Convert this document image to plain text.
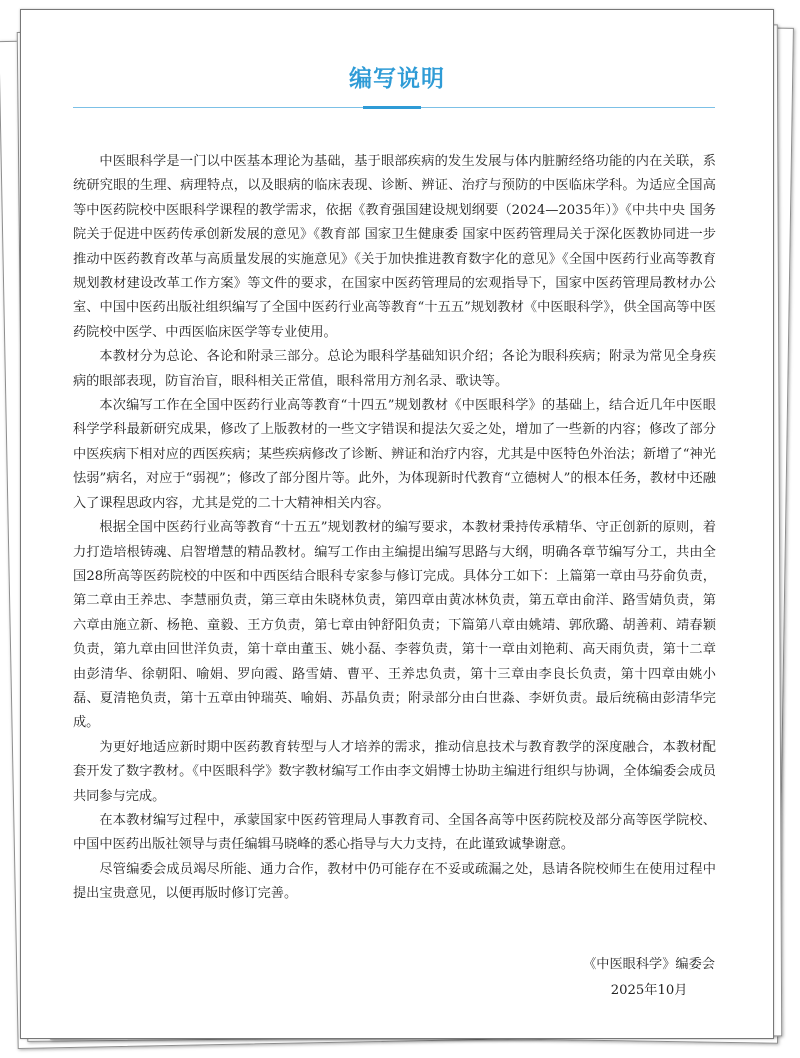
编写说明

中医眼科学是一门以中医基本理论为基础，基于眼部疾病的发生发展与体内脏腑经络功能的内在关联，系统研究眼的生理、病理特点，以及眼病的临床表现、诊断、辨证、治疗与预防的中医临床学科。为适应全国高等中医药院校中医眼科学课程的教学需求，依据《教育强国建设规划纲要（2024—2035年）》《中共中央 国务院关于促进中医药传承创新发展的意见》《教育部 国家卫生健康委 国家中医药管理局关于深化医教协同进一步推动中医药教育改革与高质量发展的实施意见》《关于加快推进教育数字化的意见》《全国中医药行业高等教育规划教材建设改革工作方案》等文件的要求，在国家中医药管理局的宏观指导下，国家中医药管理局教材办公室、中国中医药出版社组织编写了全国中医药行业高等教育“十五五”规划教材《中医眼科学》，供全国高等中医药院校中医学、中西医临床医学等专业使用。

本教材分为总论、各论和附录三部分。总论为眼科学基础知识介绍；各论为眼科疾病；附录为常见全身疾病的眼部表现，防盲治盲，眼科相关正常值，眼科常用方剂名录、歌诀等。

本次编写工作在全国中医药行业高等教育“十四五”规划教材《中医眼科学》的基础上，结合近几年中医眼科学学科最新研究成果，修改了上版教材的一些文字错误和提法欠妥之处，增加了一些新的内容；修改了部分中医疾病下相对应的西医疾病；某些疾病修改了诊断、辨证和治疗内容，尤其是中医特色外治法；新增了“神光怯弱”病名，对应于“弱视”；修改了部分图片等。此外，为体现新时代教育“立德树人”的根本任务，教材中还融入了课程思政内容，尤其是党的二十大精神相关内容。

根据全国中医药行业高等教育“十五五”规划教材的编写要求，本教材秉持传承精华、守正创新的原则，着力打造培根铸魂、启智增慧的精品教材。编写工作由主编提出编写思路与大纲，明确各章节编写分工，共由全国28所高等医药院校的中医和中西医结合眼科专家参与修订完成。具体分工如下：上篇第一章由马芬俞负责，第二章由王养忠、李慧丽负责，第三章由朱晓林负责，第四章由黄冰林负责，第五章由俞洋、路雪婧负责，第六章由施立新、杨艳、童毅、王方负责，第七章由钟舒阳负责；下篇第八章由姚靖、郭欣璐、胡善莉、靖春颖负责，第九章由回世洋负责，第十章由董玉、姚小磊、李蓉负责，第十一章由刘艳莉、高天雨负责，第十二章由彭清华、徐朝阳、喻娟、罗向霞、路雪婧、曹平、王养忠负责，第十三章由李良长负责，第十四章由姚小磊、夏清艳负责，第十五章由钟瑞英、喻娟、苏晶负责；附录部分由白世淼、李妍负责。最后统稿由彭清华完成。

为更好地适应新时期中医药教育转型与人才培养的需求，推动信息技术与教育教学的深度融合，本教材配套开发了数字教材。《中医眼科学》数字教材编写工作由李文娟博士协助主编进行组织与协调，全体编委会成员共同参与完成。

在本教材编写过程中，承蒙国家中医药管理局人事教育司、全国各高等中医药院校及部分高等医学院校、中国中医药出版社领导与责任编辑马晓峰的悉心指导与大力支持，在此谨致诚挚谢意。

尽管编委会成员竭尽所能、通力合作，教材中仍可能存在不妥或疏漏之处，恳请各院校师生在使用过程中提出宝贵意见，以便再版时修订完善。

《中医眼科学》编委会
2025年10月
